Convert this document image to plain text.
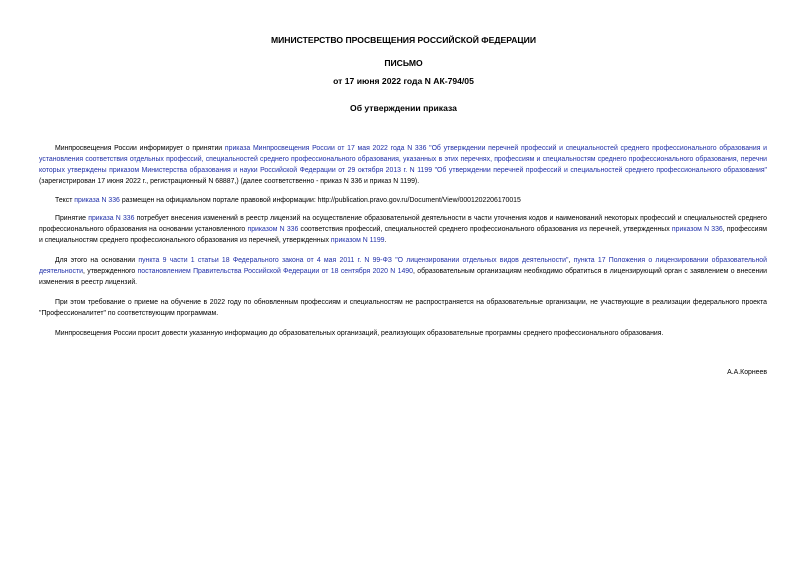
МИНИСТЕРСТВО ПРОСВЕЩЕНИЯ РОССИЙСКОЙ ФЕДЕРАЦИИ
ПИСЬМО
от 17 июня 2022 года N АК-794/05
Об утверждении приказа

Минпросвещения России информирует о принятии приказа Минпросвещения России от 17 мая 2022 года N 336 "Об утверждении перечней профессий и специальностей среднего профессионального образования и установления соответствия отдельных профессий, специальностей среднего профессионального образования, указанных в этих перечнях, профессиям и специальностям среднего профессионального образования, перечни которых утверждены приказом Министерства образования и науки Российской Федерации от 29 октября 2013 г. N 1199 "Об утверждении перечней профессий и специальностей среднего профессионального образования" (зарегистрирован 17 июня 2022 г., регистрационный N 68887,) (далее соответственно - приказ N 336 и приказ N 1199).

Текст приказа N 336 размещен на официальном портале правовой информации: http://publication.pravo.gov.ru/Document/View/0001202206170015

Принятие приказа N 336 потребует внесения изменений в реестр лицензий на осуществление образовательной деятельности в части уточнения кодов и наименований некоторых профессий и специальностей среднего профессионального образования на основании установленного приказом N 336 соответствия профессий, специальностей среднего профессионального образования из перечней, утвержденных приказом N 336, профессиям и специальностям среднего профессионального образования из перечней, утвержденных приказом N 1199.

Для этого на основании пункта 9 части 1 статьи 18 Федерального закона от 4 мая 2011 г. N 99-ФЗ "О лицензировании отдельных видов деятельности", пункта 17 Положения о лицензировании образовательной деятельности, утвержденного постановлением Правительства Российской Федерации от 18 сентября 2020 N 1490, образовательным организациям необходимо обратиться в лицензирующий орган с заявлением о внесении изменения в реестр лицензий.

При этом требование о приеме на обучение в 2022 году по обновленным профессиям и специальностям не распространяется на образовательные организации, не участвующие в реализации федерального проекта "Профессионалитет" по соответствующим программам.

Минпросвещения России просит довести указанную информацию до образовательных организаций, реализующих образовательные программы среднего профессионального образования.

А.А.Корнеев
